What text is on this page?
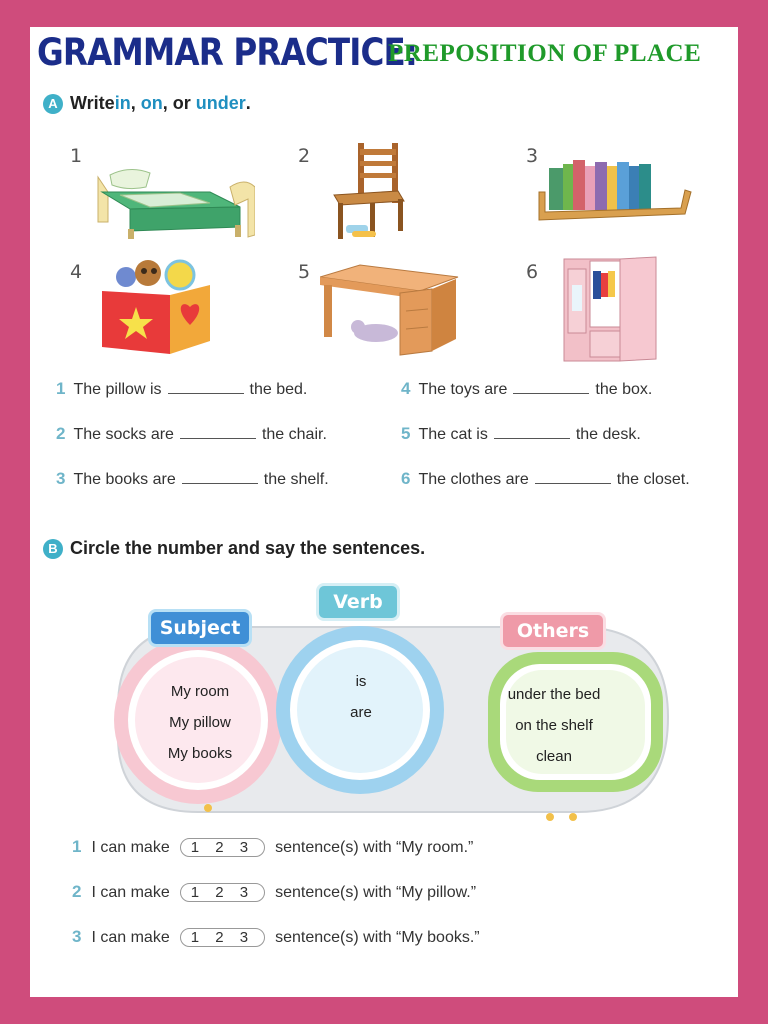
GRAMMAR PRACTICE:
PREPOSITION OF PLACE
A Write in , on , or under .
1	2	3
4	5	6
1 The pillow is	the bed.
2 The socks are	the chair.
3 The books are	the shelf.
4 The toys are	the box.
5 The cat is	the desk.
6 The clothes are	the closet.
B Circle the number and say the sentences.
Subject
Verb
Others
My room
My pillow
My books
is
are
under the bed
on the shelf
clean
1 I can make 1 2 3 sentence(s) with “My room.”
2 I can make 1 2 3 sentence(s) with “My pillow.”
3 I can make 1 2 3 sentence(s) with “My books.”
